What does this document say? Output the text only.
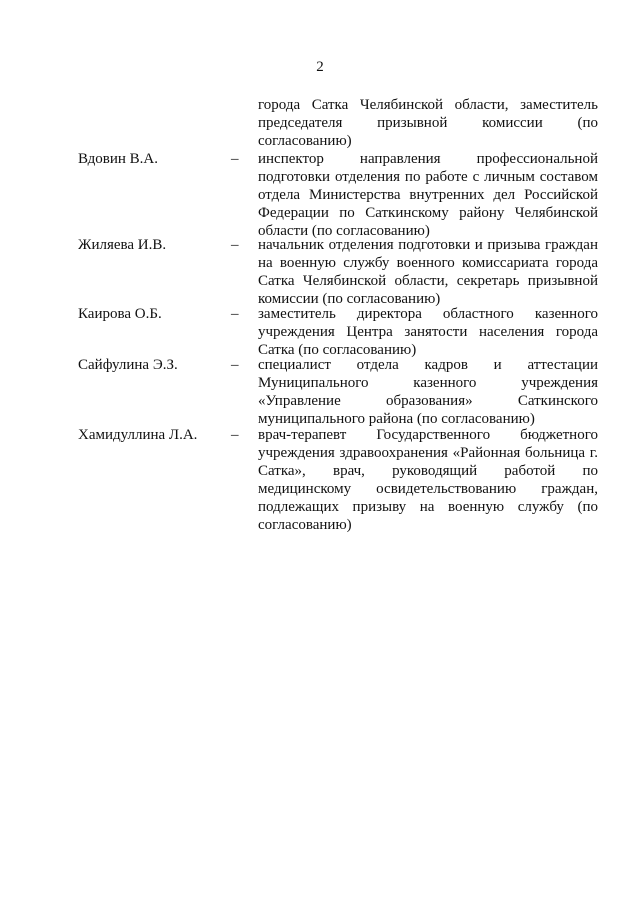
2
города Сатка Челябинской области, заместитель председателя призывной комиссии (по согласованию)
Вдовин В.А.	– инспектор направления профессиональной подготовки отделения по работе с личным составом отдела Министерства внутренних дел Российской Федерации по Саткинскому району Челябинской области (по согласованию)
Жиляева И.В.	– начальник отделения подготовки и призыва граждан на военную службу военного комиссариата города Сатка Челябинской области, секретарь призывной комиссии (по согласованию)
Каирова О.Б.	– заместитель директора областного казенного учреждения Центра занятости населения города Сатка (по согласованию)
Сайфулина Э.З.	– специалист отдела кадров и аттестации Муниципального казенного учреждения «Управление образования» Саткинского муниципального района (по согласованию)
Хамидуллина Л.А. – врач-терапевт Государственного бюджетного учреждения здравоохранения «Районная больница г. Сатка», врач, руководящий работой по медицинскому освидетельствованию граждан, подлежащих призыву на военную службу (по согласованию)
